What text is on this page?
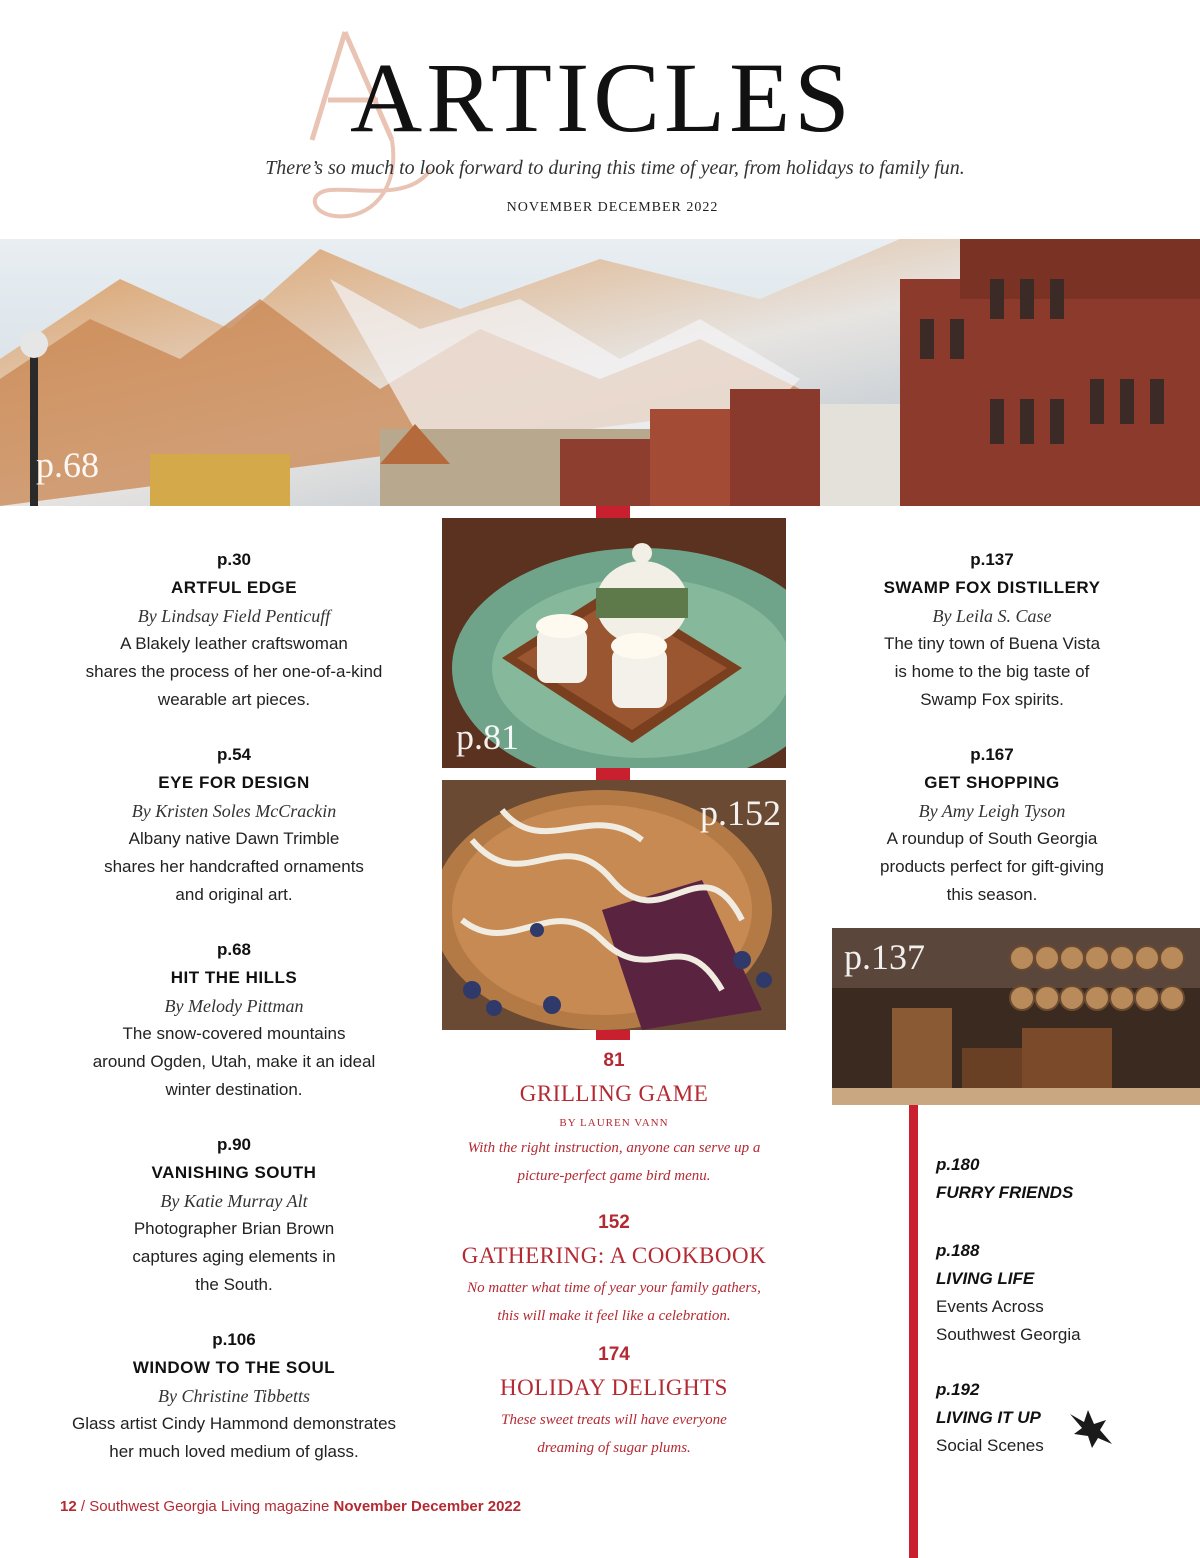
ARTICLES
There’s so much to look forward to during this time of year, from holidays to family fun.
NOVEMBER DECEMBER 2022
p.68
p.30
ARTFUL EDGE
By Lindsay Field Penticuff
A Blakely leather craftswoman
shares the process of her one-of-a-kind
wearable art pieces.
p.54
EYE FOR DESIGN
By Kristen Soles McCrackin
Albany native Dawn Trimble
shares her handcrafted ornaments
and original art.
p.68
HIT THE HILLS
By Melody Pittman
The snow-covered mountains
around Ogden, Utah, make it an ideal
winter destination.
p.90
VANISHING SOUTH
By Katie Murray Alt
Photographer Brian Brown
captures aging elements in
the South.
p.106
WINDOW TO THE SOUL
By Christine Tibbetts
Glass artist Cindy Hammond demonstrates
her much loved medium of glass.
p.81
p.152
81
GRILLING GAME
BY LAUREN VANN
With the right instruction, anyone can serve up a
picture-perfect game bird menu.
152
GATHERING: A COOKBOOK
No matter what time of year your family gathers,
this will make it feel like a celebration.
174
HOLIDAY DELIGHTS
These sweet treats will have everyone
dreaming of sugar plums.
p.137
SWAMP FOX DISTILLERY
By Leila S. Case
The tiny town of Buena Vista
is home to the big taste of
Swamp Fox spirits.
p.167
GET SHOPPING
By Amy Leigh Tyson
A roundup of South Georgia
products perfect for gift-giving
this season.
p.137
p.180
FURRY FRIENDS
p.188
LIVING LIFE
Events Across
Southwest Georgia
p.192
LIVING IT UP
Social Scenes
12 / Southwest Georgia Living magazine November December 2022
